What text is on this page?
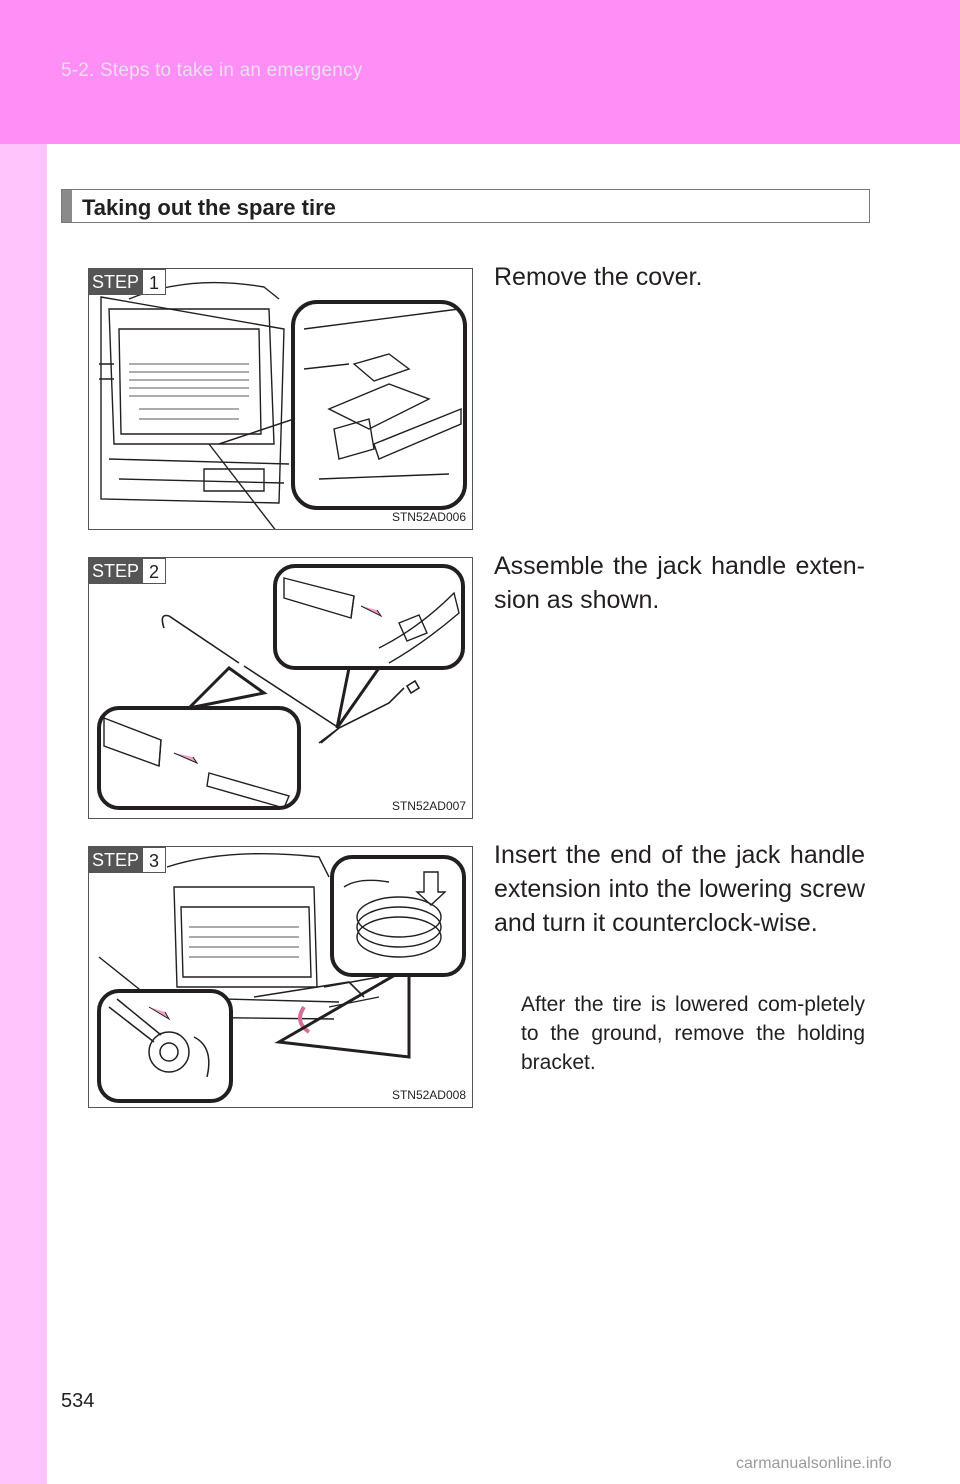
5-2. Steps to take in an emergency
Taking out the spare tire
STEP 1
STN52AD006
Remove the cover.
STEP 2
STN52AD007
Assemble the jack handle exten-sion as shown.
STEP 3
STN52AD008
Insert the end of the jack handle extension into the lowering screw and turn it counterclock-wise.
After the tire is lowered com-pletely to the ground, remove the holding bracket.
534
carmanualsonline.info
